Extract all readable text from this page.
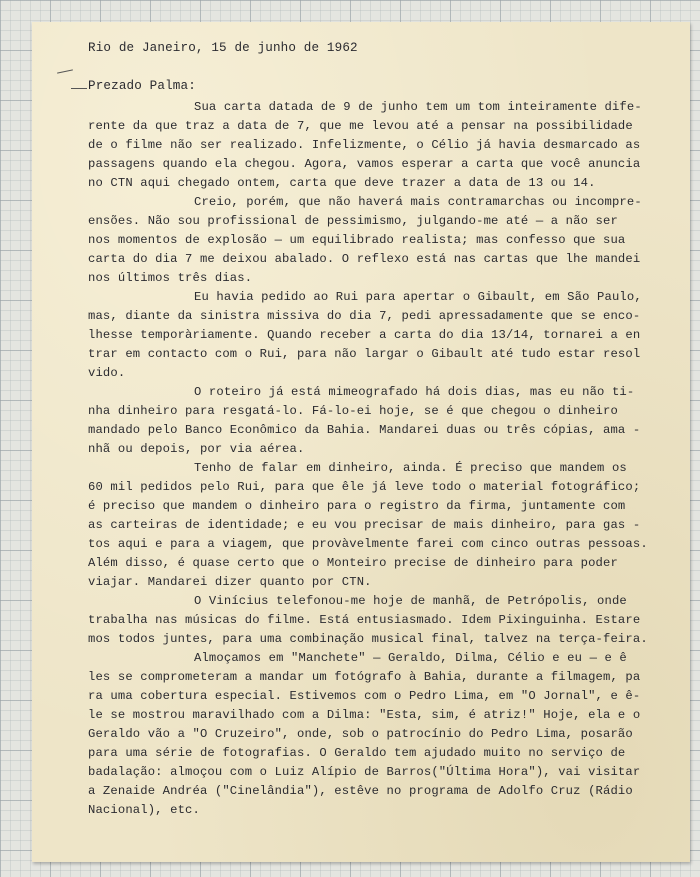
Rio de Janeiro, 15 de junho de 1962
Prezado Palma:
Sua carta datada de 9 de junho tem um tom inteiramente dife-
rente da que traz a data de 7, que me levou até a pensar na possibilidade
de o filme não ser realizado. Infelizmente, o Célio já havia desmarcado as
passagens quando ela chegou. Agora, vamos esperar a carta que você anuncia
no CTN aqui chegado ontem, carta que deve trazer a data de 13 ou 14.
Creio, porém, que não haverá mais contramarchas ou incompre-
ensões. Não sou profissional de pessimismo, julgando-me até — a não ser
nos momentos de explosão — um equilibrado realista; mas confesso que sua
carta do dia 7 me deixou abalado. O reflexo está nas cartas que lhe mandei
nos últimos três dias.
Eu havia pedido ao Rui para apertar o Gibault, em São Paulo,
mas, diante da sinistra missiva do dia 7, pedi apressadamente que se enco-
lhesse temporàriamente. Quando receber a carta do dia 13/14, tornarei a en
trar em contacto com o Rui, para não largar o Gibault até tudo estar resol
vido.
O roteiro já está mimeografado há dois dias, mas eu não ti-
nha dinheiro para resgatá-lo. Fá-lo-ei hoje, se é que chegou o dinheiro
mandado pelo Banco Econômico da Bahia. Mandarei duas ou três cópias, ama -
nhã ou depois, por via aérea.
Tenho de falar em dinheiro, ainda. É preciso que mandem os
60 mil pedidos pelo Rui, para que êle já leve todo o material fotográfico;
é preciso que mandem o dinheiro para o registro da firma, juntamente com
as carteiras de identidade; e eu vou precisar de mais dinheiro, para gas -
tos aqui e para a viagem, que provàvelmente farei com cinco outras pessoas.
Além disso, é quase certo que o Monteiro precise de dinheiro para poder
viajar. Mandarei dizer quanto por CTN.
O Vinícius telefonou-me hoje de manhã, de Petrópolis, onde
trabalha nas músicas do filme. Está entusiasmado. Idem Pixinguinha. Estare
mos todos juntes, para uma combinação musical final, talvez na terça-feira.
Almoçamos em "Manchete" — Geraldo, Dilma, Célio e eu — e ê
les se comprometeram a mandar um fotógrafo à Bahia, durante a filmagem, pa
ra uma cobertura especial. Estivemos com o Pedro Lima, em "O Jornal", e ê-
le se mostrou maravilhado com a Dilma: "Esta, sim, é atriz!" Hoje, ela e o
Geraldo vão a "O Cruzeiro", onde, sob o patrocínio do Pedro Lima, posarão
para uma série de fotografias. O Geraldo tem ajudado muito no serviço de
badalação: almoçou com o Luiz Alípio de Barros("Última Hora"), vai visitar
a Zenaide Andréa ("Cinelândia"), estêve no programa de Adolfo Cruz (Rádio
Nacional), etc.
